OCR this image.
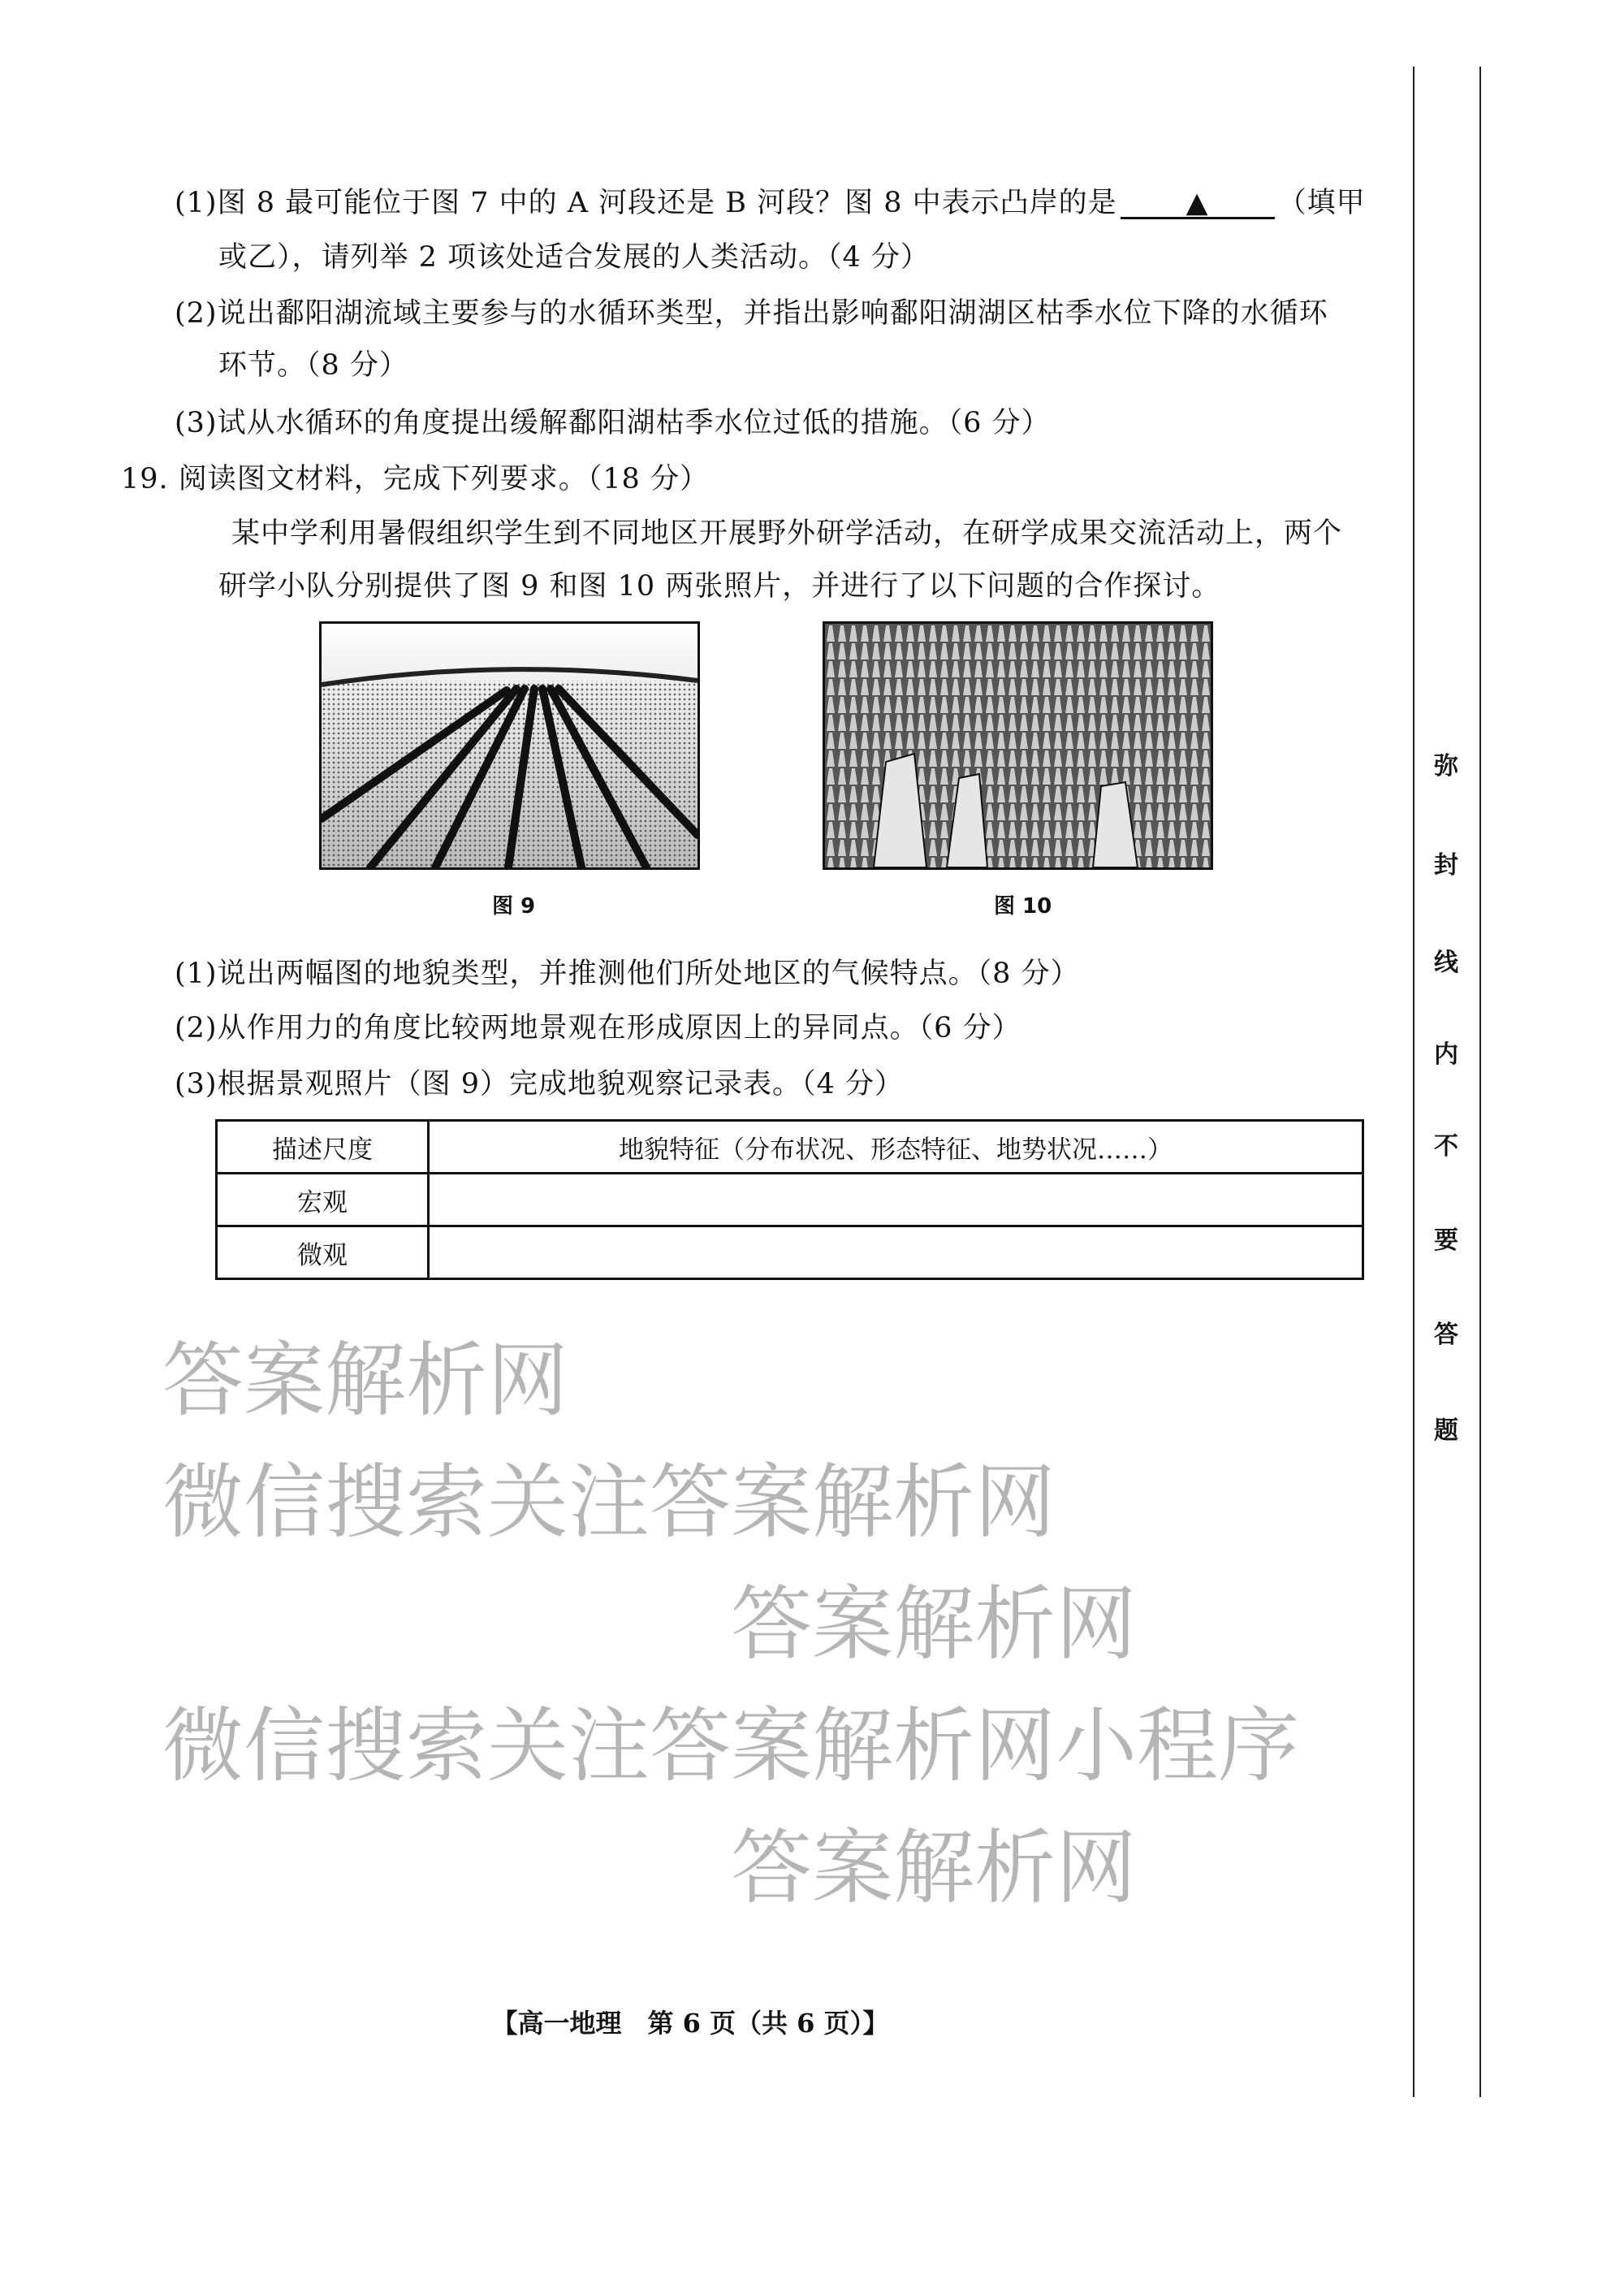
答案解析网
微信搜索关注答案解析网
答案解析网
微信搜索关注答案解析网小程序
答案解析网
(1)图 8 最可能位于图 7 中的 A 河段还是 B 河段？图 8 中表示凸岸的是 ▲ （填甲
或乙），请列举 2 项该处适合发展的人类活动。（4 分）
(2)说出鄱阳湖流域主要参与的水循环类型，并指出影响鄱阳湖湖区枯季水位下降的水循环
环节。（8 分）
(3)试从水循环的角度提出缓解鄱阳湖枯季水位过低的措施。（6 分）
19. 阅读图文材料，完成下列要求。（18 分）
某中学利用暑假组织学生到不同地区开展野外研学活动，在研学成果交流活动上，两个
研学小队分别提供了图 9 和图 10 两张照片，并进行了以下问题的合作探讨。
图 9	图 10
(1)说出两幅图的地貌类型，并推测他们所处地区的气候特点。（8 分）
(2)从作用力的角度比较两地景观在形成原因上的异同点。（6 分）
(3)根据景观照片（图 9）完成地貌观察记录表。（4 分）
描述尺度	地貌特征（分布状况、形态特征、地势状况……）
宏观	
微观	
【高一地理　第 6 页（共 6 页）】
弥
封
线
内
不
要
答
题
